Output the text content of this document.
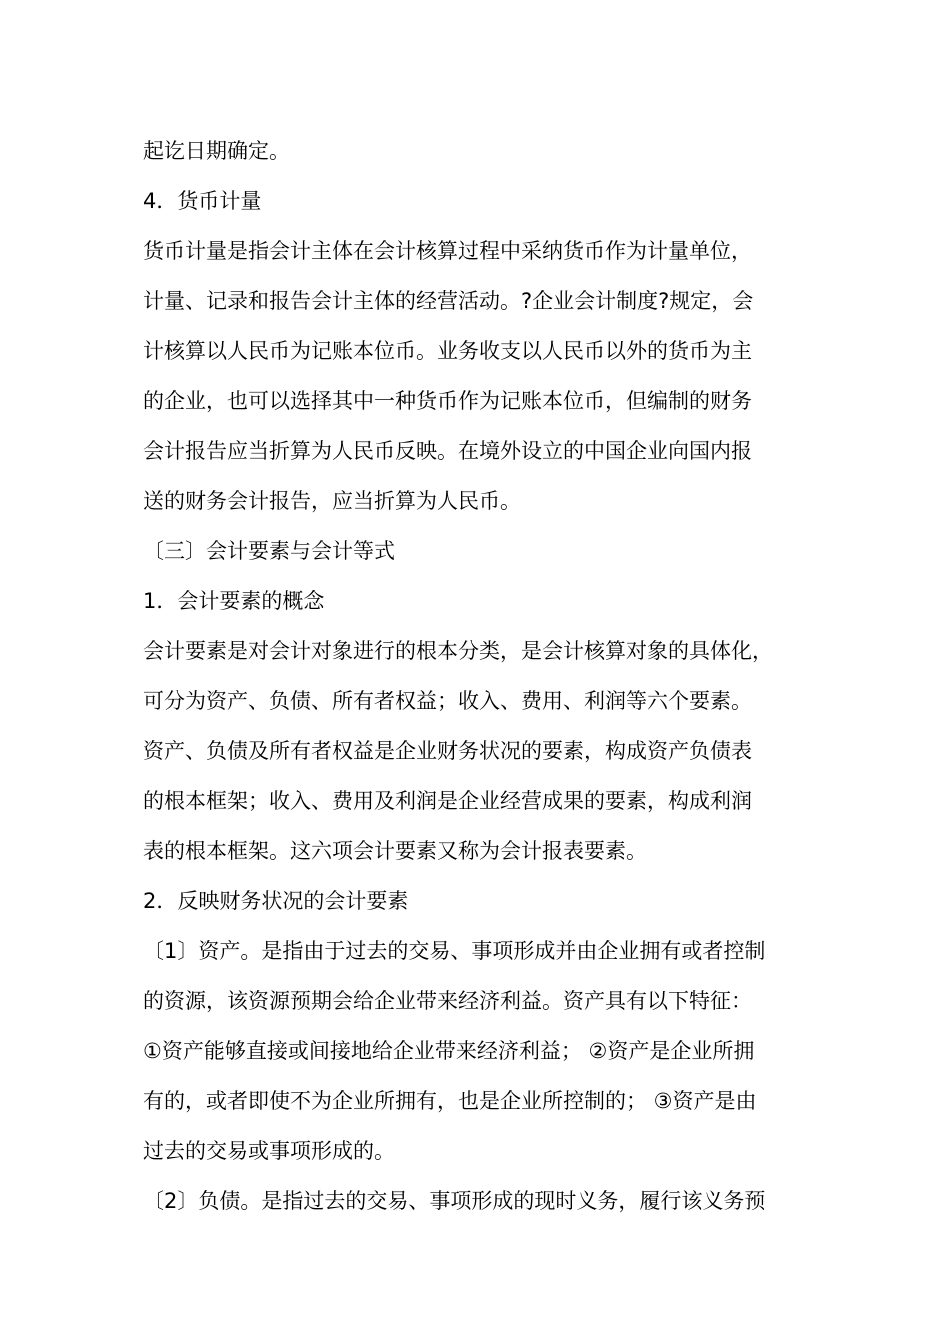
起讫日期确定。
4．货币计量
货币计量是指会计主体在会计核算过程中采纳货币作为计量单位，
计量、记录和报告会计主体的经营活动。?企业会计制度?规定，会
计核算以人民币为记账本位币。业务收支以人民币以外的货币为主
的企业，也可以选择其中一种货币作为记账本位币，但编制的财务
会计报告应当折算为人民币反映。在境外设立的中国企业向国内报
送的财务会计报告，应当折算为人民币。
〔三〕会计要素与会计等式
1．会计要素的概念
会计要素是对会计对象进行的根本分类，是会计核算对象的具体化，
可分为资产、负债、所有者权益；收入、费用、利润等六个要素。
资产、负债及所有者权益是企业财务状况的要素，构成资产负债表
的根本框架；收入、费用及利润是企业经营成果的要素，构成利润
表的根本框架。这六项会计要素又称为会计报表要素。
2．反映财务状况的会计要素
〔1〕资产。是指由于过去的交易、事项形成并由企业拥有或者控制
的资源，该资源预期会给企业带来经济利益。资产具有以下特征：
①资产能够直接或间接地给企业带来经济利益； ②资产是企业所拥
有的，或者即使不为企业所拥有，也是企业所控制的； ③资产是由
过去的交易或事项形成的。
〔2〕负债。是指过去的交易、事项形成的现时义务，履行该义务预
